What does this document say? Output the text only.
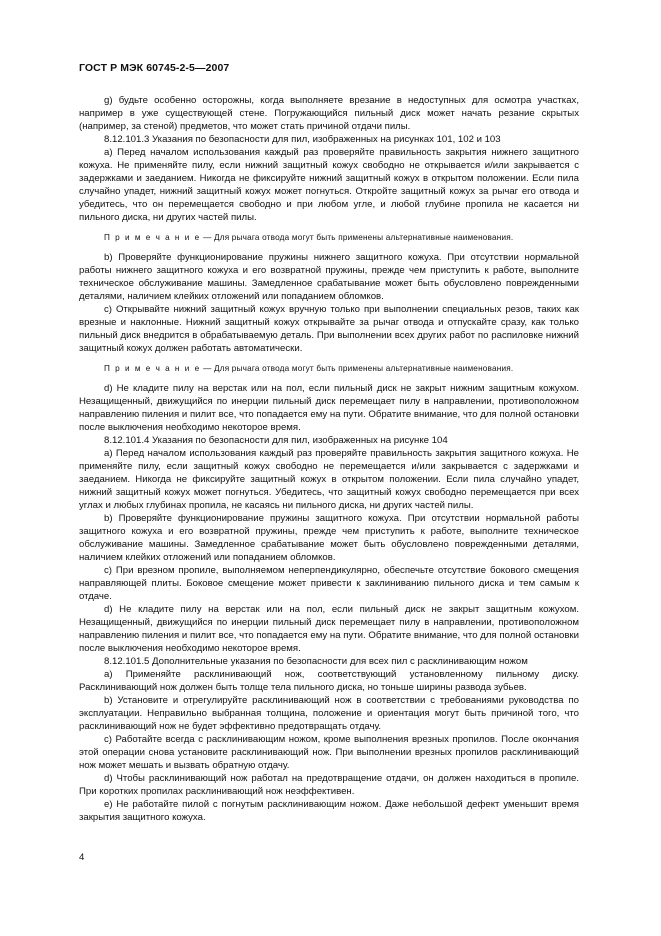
ГОСТ Р МЭК 60745-2-5—2007

g) будьте особенно осторожны, когда выполняете врезание в недоступных для осмотра участках, например в уже существующей стене. Погружающийся пильный диск может начать резание скрытых (например, за стеной) предметов, что может стать причиной отдачи пилы.

8.12.101.3 Указания по безопасности для пил, изображенных на рисунках 101, 102 и 103

a) Перед началом использования каждый раз проверяйте правильность закрытия нижнего защитного кожуха. Не применяйте пилу, если нижний защитный кожух свободно не открывается и/или закрывается с задержками и заеданием. Никогда не фиксируйте нижний защитный кожух в открытом положении. Если пила случайно упадет, нижний защитный кожух может погнуться. Откройте защитный кожух за рычаг его отвода и убедитесь, что он перемещается свободно и при любом угле, и любой глубине пропила не касается ни пильного диска, ни других частей пилы.

П р и м е ч а н и е — Для рычага отвода могут быть применены альтернативные наименования.

b) Проверяйте функционирование пружины нижнего защитного кожуха. При отсутствии нормальной работы нижнего защитного кожуха и его возвратной пружины, прежде чем приступить к работе, выполните техническое обслуживание машины. Замедленное срабатывание может быть обусловлено поврежденными деталями, наличием клейких отложений или попаданием обломков.

c) Открывайте нижний защитный кожух вручную только при выполнении специальных резов, таких как врезные и наклонные. Нижний защитный кожух открывайте за рычаг отвода и отпускайте сразу, как только пильный диск внедрится в обрабатываемую деталь. При выполнении всех других работ по распиловке нижний защитный кожух должен работать автоматически.

П р и м е ч а н и е — Для рычага отвода могут быть применены альтернативные наименования.

d) Не кладите пилу на верстак или на пол, если пильный диск не закрыт нижним защитным кожухом. Незащищенный, движущийся по инерции пильный диск перемещает пилу в направлении, противоположном направлению пиления и пилит все, что попадается ему на пути. Обратите внимание, что для полной остановки после выключения необходимо некоторое время.

8.12.101.4 Указания по безопасности для пил, изображенных на рисунке 104

a) Перед началом использования каждый раз проверяйте правильность закрытия защитного кожуха. Не применяйте пилу, если защитный кожух свободно не перемещается и/или закрывается с задержками и заеданием. Никогда не фиксируйте защитный кожух в открытом положении. Если пила случайно упадет, нижний защитный кожух может погнуться. Убедитесь, что защитный кожух свободно перемещается при всех углах и любых глубинах пропила, не касаясь ни пильного диска, ни других частей пилы.

b) Проверяйте функционирование пружины защитного кожуха. При отсутствии нормальной работы защитного кожуха и его возвратной пружины, прежде чем приступить к работе, выполните техническое обслуживание машины. Замедленное срабатывание может быть обусловлено поврежденными деталями, наличием клейких отложений или попаданием обломков.

c) При врезном пропиле, выполняемом неперпендикулярно, обеспечьте отсутствие бокового смещения направляющей плиты. Боковое смещение может привести к заклиниванию пильного диска и тем самым к отдаче.

d) Не кладите пилу на верстак или на пол, если пильный диск не закрыт защитным кожухом. Незащищенный, движущийся по инерции пильный диск перемещает пилу в направлении, противоположном направлению пиления и пилит все, что попадается ему на пути. Обратите внимание, что для полной остановки после выключения необходимо некоторое время.

8.12.101.5 Дополнительные указания по безопасности для всех пил с расклинивающим ножом

a) Применяйте расклинивающий нож, соответствующий установленному пильному диску. Расклинивающий нож должен быть толще тела пильного диска, но тоньше ширины развода зубьев.

b) Установите и отрегулируйте расклинивающий нож в соответствии с требованиями руководства по эксплуатации. Неправильно выбранная толщина, положение и ориентация могут быть причиной того, что расклинивающий нож не будет эффективно предотвращать отдачу.

c) Работайте всегда с расклинивающим ножом, кроме выполнения врезных пропилов. После окончания этой операции снова установите расклинивающий нож. При выполнении врезных пропилов расклинивающий нож может мешать и вызвать обратную отдачу.

d) Чтобы расклинивающий нож работал на предотвращение отдачи, он должен находиться в пропиле. При коротких пропилах расклинивающий нож неэффективен.

e) Не работайте пилой с погнутым расклинивающим ножом. Даже небольшой дефект уменьшит время закрытия защитного кожуха.

4
